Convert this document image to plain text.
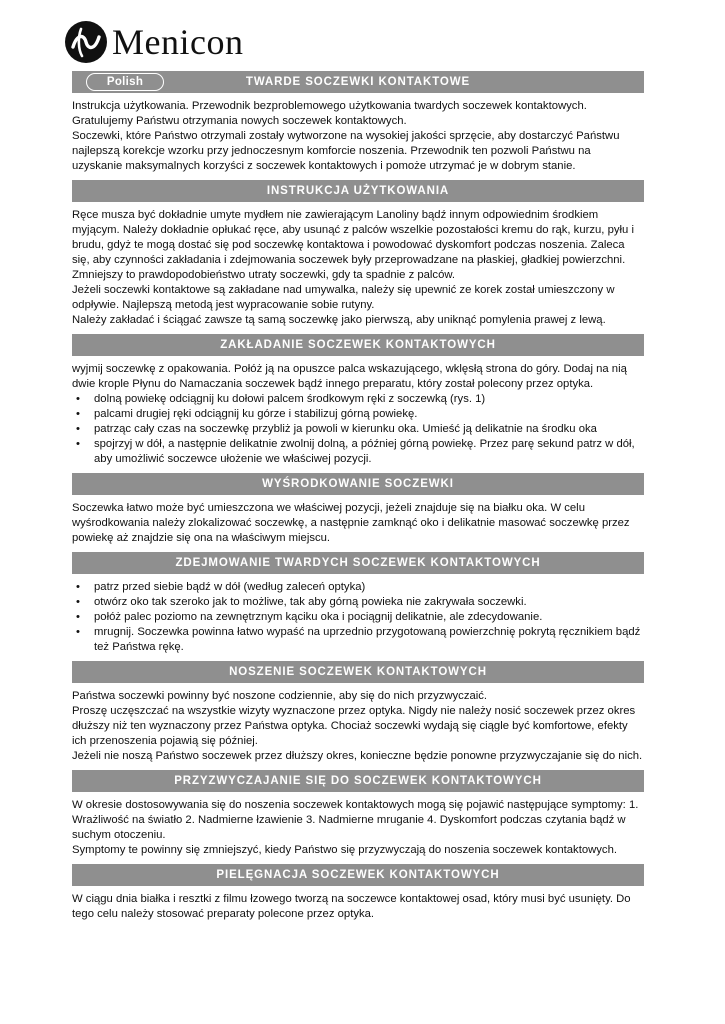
Menicon
Polish	TWARDE SOCZEWKI KONTAKTOWE

Instrukcja użytkowania. Przewodnik bezproblemowego użytkowania twardych soczewek kontaktowych.

Gratulujemy Państwu otrzymania nowych soczewek kontaktowych.

Soczewki, które Państwo otrzymali zostały wytworzone na wysokiej jakości sprzęcie, aby dostarczyć Państwu najlepszą korekcje wzorku przy jednoczesnym komforcie noszenia. Przewodnik ten pozwoli Państwu na uzyskanie maksymalnych korzyści z soczewek kontaktowych i pomoże utrzymać je w dobrym stanie.

INSTRUKCJA UŻYTKOWANIA

Ręce musza być dokładnie umyte mydłem nie zawierającym Lanoliny bądź innym odpowiednim środkiem myjącym. Należy dokładnie opłukać ręce, aby usunąć z palców wszelkie pozostałości kremu do rąk, kurzu, pyłu i brudu, gdyż te mogą dostać się pod soczewkę kontaktowa i powodować dyskomfort podczas noszenia. Zaleca się, aby czynności zakładania i zdejmowania soczewek były przeprowadzane na płaskiej, gładkiej powierzchni. Zmniejszy to prawdopodobieństwo utraty soczewki, gdy ta spadnie z palców.

Jeżeli soczewki kontaktowe są zakładane nad umywalka, należy się upewnić ze korek został umieszczony w odpływie. Najlepszą metodą jest wypracowanie sobie rutyny.

Należy zakładać i ściągać zawsze tą samą soczewkę jako pierwszą, aby uniknąć pomylenia prawej z lewą.

ZAKŁADANIE SOCZEWEK KONTAKTOWYCH

wyjmij soczewkę z opakowania. Połóż ją na opuszce palca wskazującego, wklęsłą strona do góry. Dodaj na nią dwie krople Płynu do Namaczania soczewek bądź innego preparatu, który został polecony przez optyka.

• dolną powiekę odciągnij ku dołowi palcem środkowym ręki z soczewką (rys. 1)
• palcami drugiej ręki odciągnij ku górze i stabilizuj górną powiekę.
• patrząc cały czas na soczewkę przybliż ja powoli w kierunku oka. Umieść ją delikatnie na środku oka
• spojrzyj w dół, a następnie delikatnie zwolnij dolną, a później górną powiekę. Przez parę sekund patrz w dół, aby umożliwić soczewce ułożenie we właściwej pozycji.
WYŚRODKOWANIE SOCZEWKI

Soczewka łatwo może być umieszczona we właściwej pozycji, jeżeli znajduje się na białku oka. W celu wyśrodkowania należy zlokalizować soczewkę, a następnie zamknąć oko i delikatnie masować soczewkę przez powiekę aż znajdzie się ona na właściwym miejscu.

ZDEJMOWANIE TWARDYCH SOCZEWEK KONTAKTOWYCH
• patrz przed siebie bądź w dół (według zaleceń optyka)
• otwórz oko tak szeroko jak to możliwe, tak aby górną powieka nie zakrywała soczewki.
• połóż palec poziomo na zewnętrznym kąciku oka i pociągnij delikatnie, ale zdecydowanie.
• mrugnij. Soczewka powinna łatwo wypaść na uprzednio przygotowaną powierzchnię pokrytą ręcznikiem bądź też Państwa rękę.
NOSZENIE SOCZEWEK KONTAKTOWYCH

Państwa soczewki powinny być noszone codziennie, aby się do nich przyzwyczaić.

Proszę uczęszczać na wszystkie wizyty wyznaczone przez optyka. Nigdy nie należy nosić soczewek przez okres dłuższy niż ten wyznaczony przez Państwa optyka. Chociaż soczewki wydają się ciągle być komfortowe, efekty ich przenoszenia pojawią się później.

Jeżeli nie noszą Państwo soczewek przez dłuższy okres, konieczne będzie ponowne przyzwyczajanie się do nich.

PRZYZWYCZAJANIE SIĘ DO SOCZEWEK KONTAKTOWYCH

W okresie dostosowywania się do noszenia soczewek kontaktowych mogą się pojawić następujące symptomy: 1. Wrażliwość na światło 2. Nadmierne łzawienie 3. Nadmierne mruganie 4. Dyskomfort podczas czytania bądź w suchym otoczeniu.

Symptomy te powinny się zmniejszyć, kiedy Państwo się przyzwyczają do noszenia soczewek kontaktowych.

PIELĘGNACJA SOCZEWEK KONTAKTOWYCH

W ciągu dnia białka i resztki z filmu łzowego tworzą na soczewce kontaktowej osad, który musi być usunięty. Do tego celu należy stosować preparaty polecone przez optyka.
